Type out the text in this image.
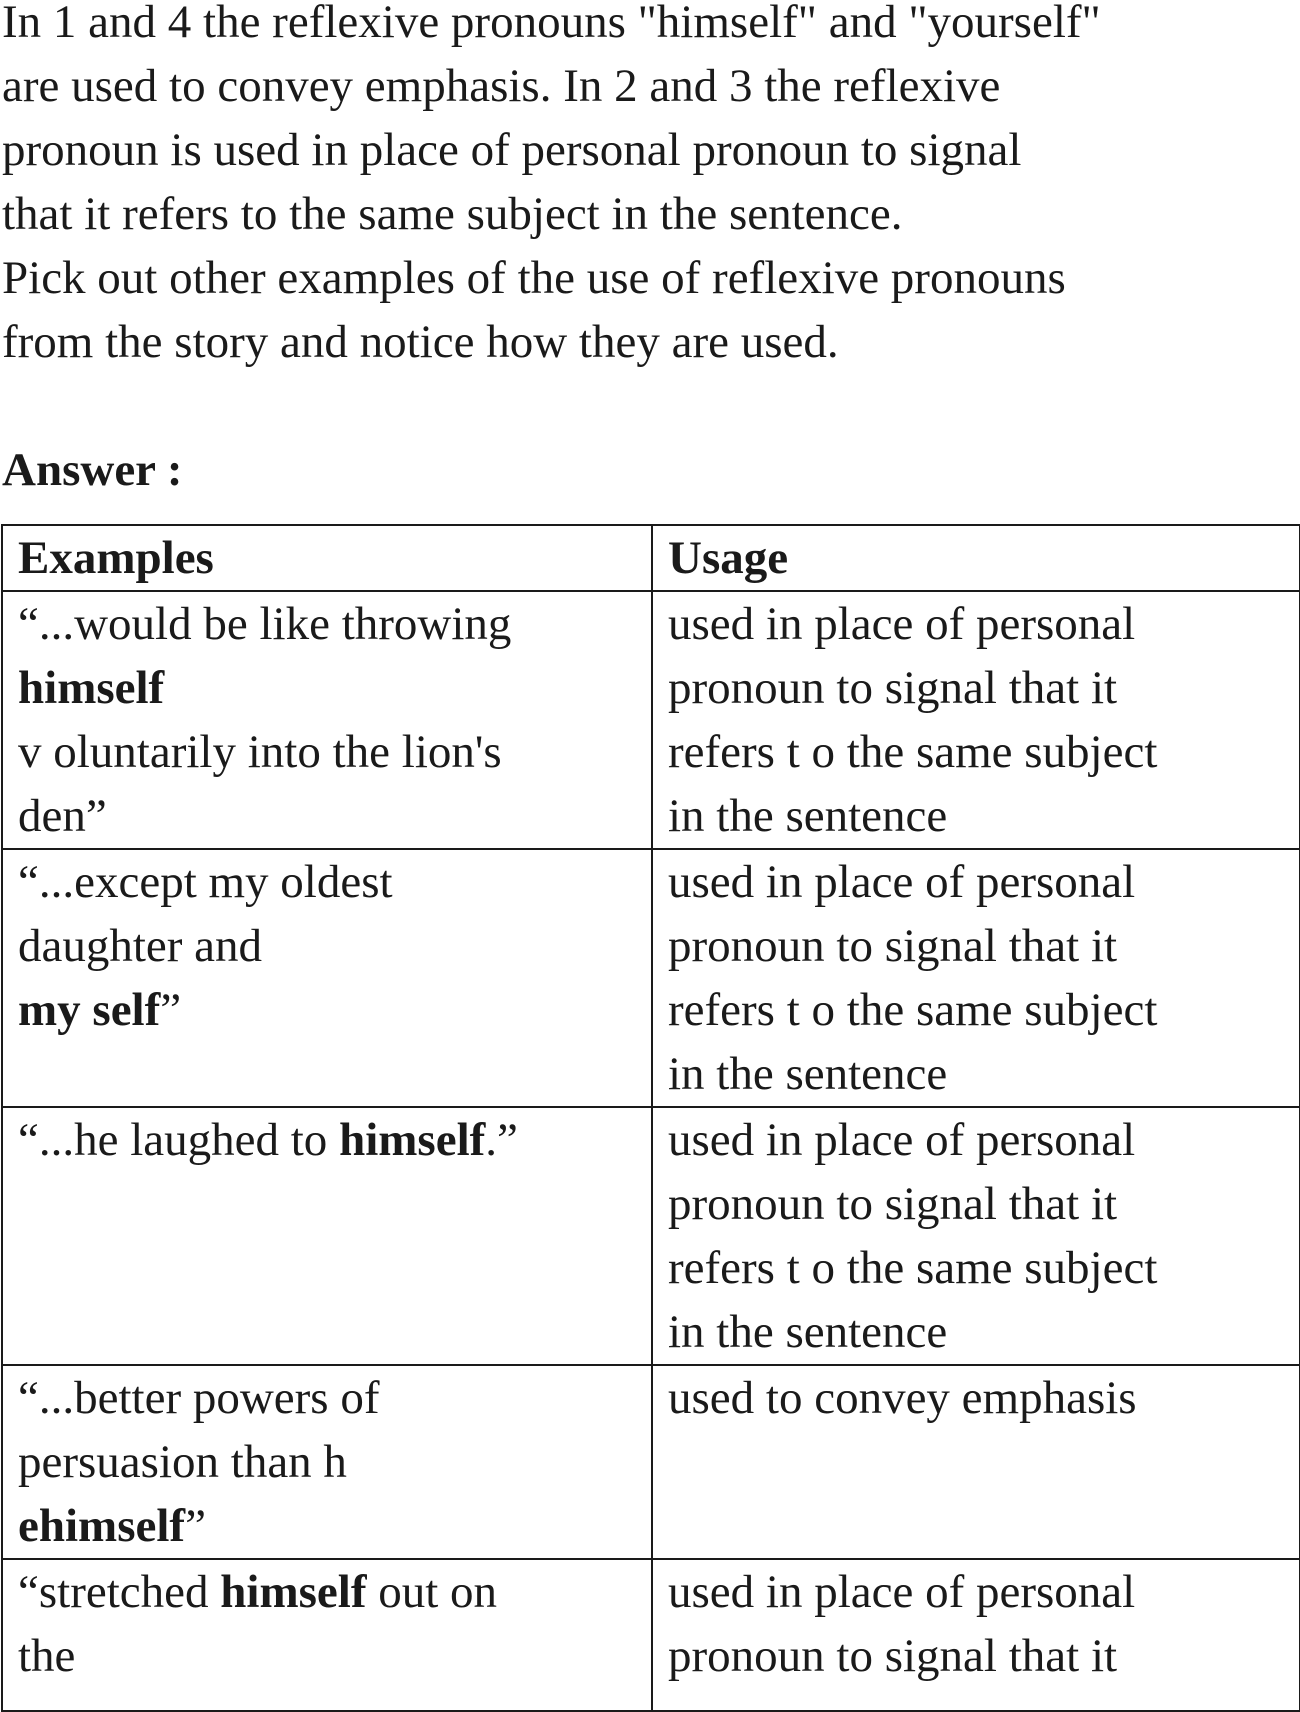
In 1 and 4 the reflexive pronouns "himself" and "yourself"

are used to convey emphasis. In 2 and 3 the reflexive

pronoun is used in place of personal pronoun to signal

that it refers to the same subject in the sentence.

Pick out other examples of the use of reflexive pronouns

from the story and notice how they are used.

Answer :
Examples	Usage

“...would be like throwing
himself
v oluntarily into the lion's
den”	used in place of personal
pronoun to signal that it
refers t o the same subject
in the sentence

“...except my oldest
daughter and
my self”	used in place of personal
pronoun to signal that it
refers t o the same subject
in the sentence

“...he laughed to himself.”	used in place of personal
pronoun to signal that it
refers t o the same subject
in the sentence

“...better powers of
persuasion than h
ehimself”	used to convey emphasis

“stretched himself out on
the	used in place of personal
pronoun to signal that it
